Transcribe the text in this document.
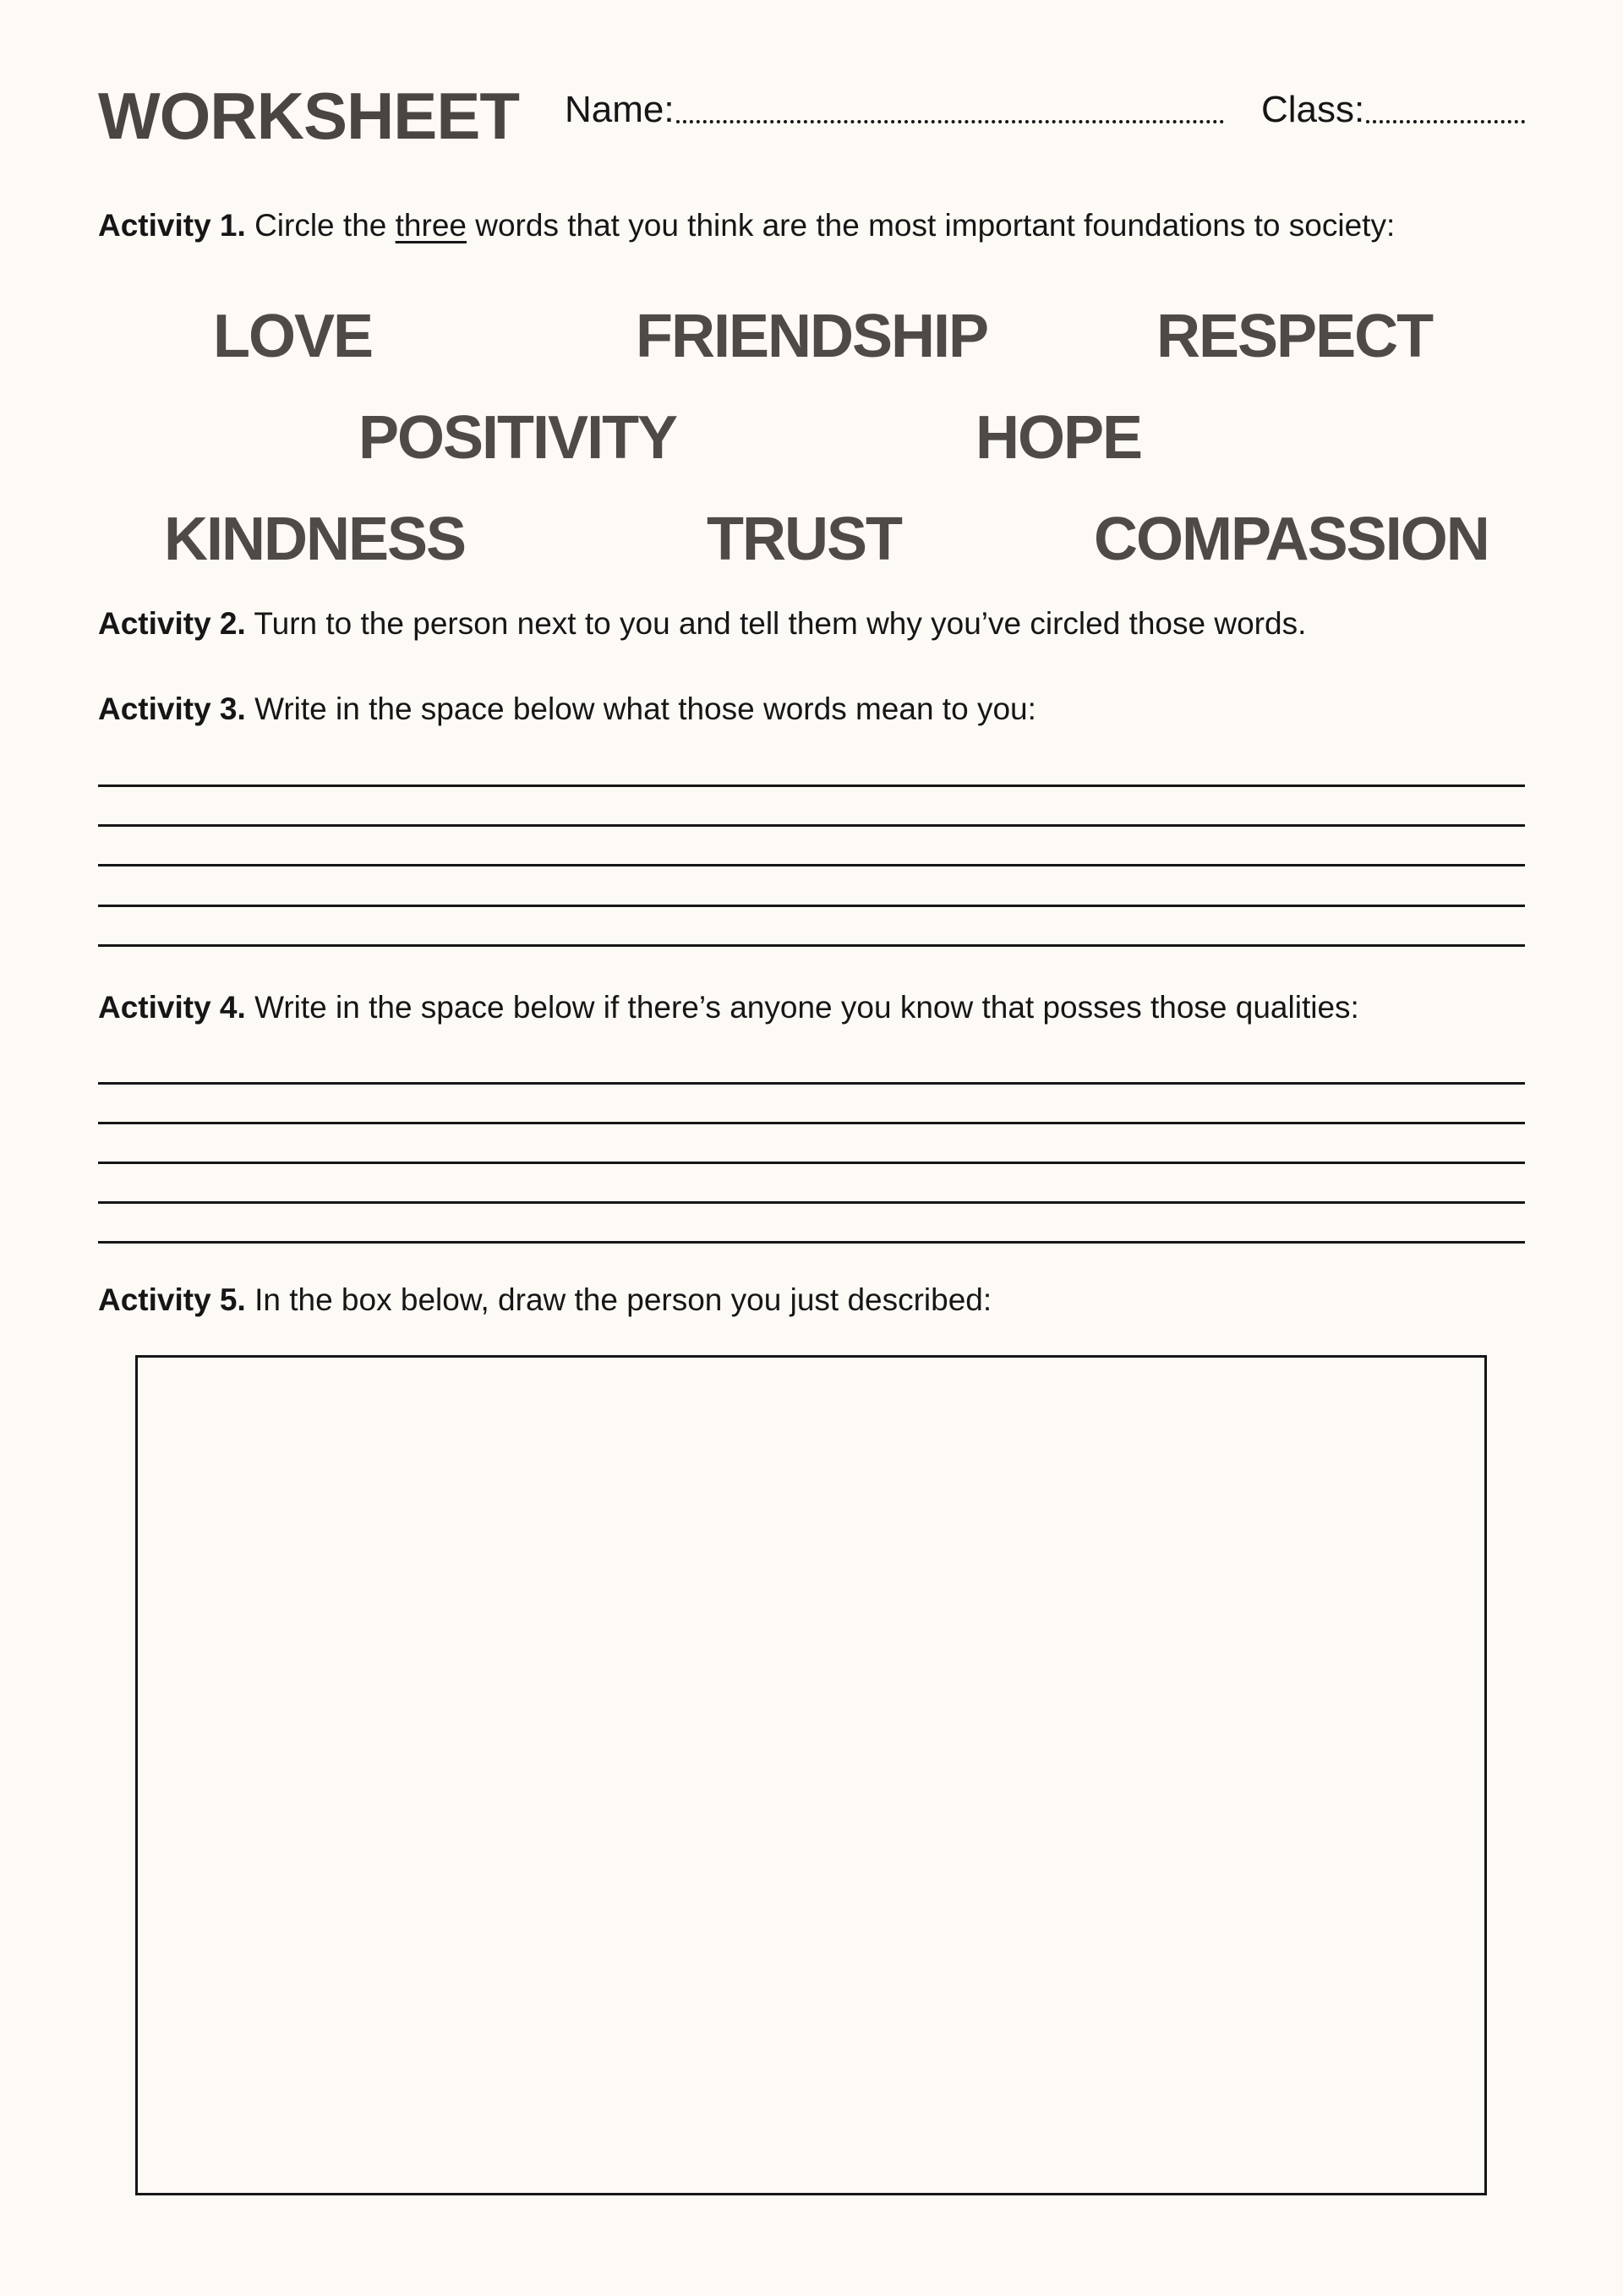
WORKSHEET Name:	Class:
Activity 1. Circle the three words that you think are the most important foundations to society:
LOVE	FRIENDSHIP	RESPECT
POSITIVITY	HOPE
KINDNESS	TRUST	COMPASSION
Activity 2. Turn to the person next to you and tell them why you’ve circled those words.
Activity 3. Write in the space below what those words mean to you:
Activity 4. Write in the space below if there’s anyone you know that posses those qualities:
Activity 5. In the box below, draw the person you just described:
